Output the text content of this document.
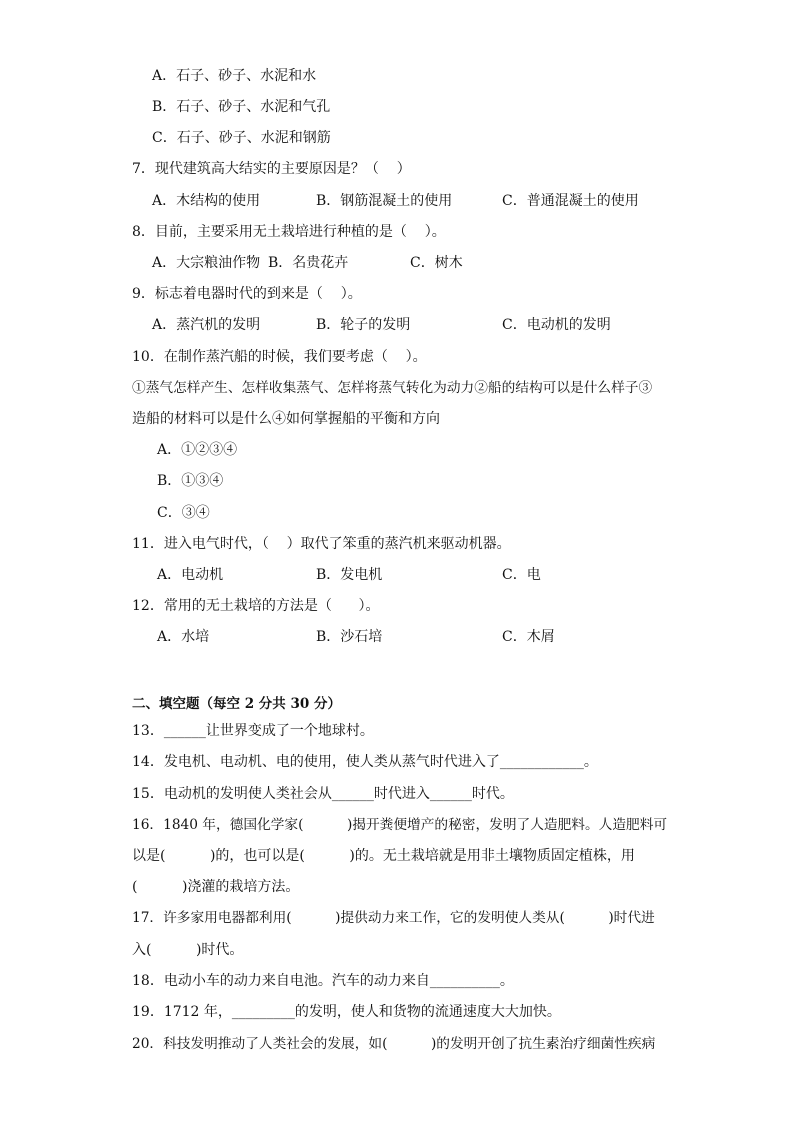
A．石子、砂子、水泥和水
B．石子、砂子、水泥和气孔
C．石子、砂子、水泥和钢筋
7．现代建筑高大结实的主要原因是？（    ）
A．木结构的使用	B．钢筋混凝土的使用	C．普通混凝土的使用
8．目前，主要采用无土栽培进行种植的是（    ）。
A．大宗粮油作物 B．名贵花卉	C．树木
9．标志着电器时代的到来是（    ）。
A．蒸汽机的发明	B．轮子的发明	C．电动机的发明
10．在制作蒸汽船的时候，我们要考虑（    ）。
①蒸气怎样产生、怎样收集蒸气、怎样将蒸气转化为动力②船的结构可以是什么样子③
造船的材料可以是什么④如何掌握船的平衡和方向
A．①②③④
B．①③④
C．③④
11．进入电气时代，（    ）取代了笨重的蒸汽机来驱动机器。
A．电动机	B．发电机	C．电
12．常用的无土栽培的方法是（      ）。
A．水培	B．沙石培	C．木屑
二、填空题（每空 2 分共 30 分）
13．______让世界变成了一个地球村。
14．发电机、电动机、电的使用，使人类从蒸气时代进入了____________。
15．电动机的发明使人类社会从______时代进入______时代。
16．1840 年，德国化学家(          )揭开粪便增产的秘密，发明了人造肥料。人造肥料可
以是(          )的，也可以是(          )的。无土栽培就是用非土壤物质固定植株，用
(          )浇灌的栽培方法。
17．许多家用电器都利用(          )提供动力来工作，它的发明使人类从(          )时代进
入(          )时代。
18．电动小车的动力来自电池。汽车的动力来自__________。
19．1712 年，_________的发明，使人和货物的流通速度大大加快。
20．科技发明推动了人类社会的发展，如(          )的发明开创了抗生素治疗细菌性疾病
